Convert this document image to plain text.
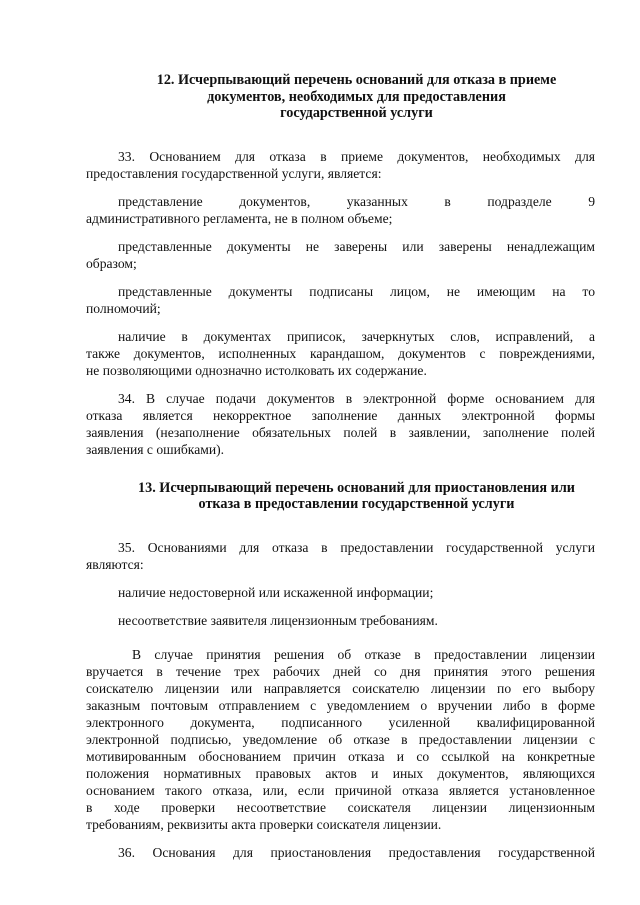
12. Исчерпывающий перечень оснований для отказа в приеме
документов, необходимых для предоставления
государственной услуги

33. Основанием для отказа в приеме документов, необходимых для
предоставления государственной услуги, является:

представление документов, указанных в подразделе 9
административного регламента, не в полном объеме;

представленные документы не заверены или заверены ненадлежащим
образом;

представленные документы подписаны лицом, не имеющим на то
полномочий;

наличие в документах приписок, зачеркнутых слов, исправлений, а
также документов, исполненных карандашом, документов с повреждениями,
не позволяющими однозначно истолковать их содержание.

34. В случае подачи документов в электронной форме основанием для
отказа является некорректное заполнение данных электронной формы
заявления (незаполнение обязательных полей в заявлении, заполнение полей
заявления с ошибками).

13. Исчерпывающий перечень оснований для приостановления или
отказа в предоставлении государственной услуги

35. Основаниями для отказа в предоставлении государственной услуги
являются:

наличие недостоверной или искаженной информации;

несоответствие заявителя лицензионным требованиям.

В случае принятия решения об отказе в предоставлении лицензии
вручается в течение трех рабочих дней со дня принятия этого решения
соискателю лицензии или направляется соискателю лицензии по его выбору
заказным почтовым отправлением с уведомлением о вручении либо в форме
электронного документа, подписанного усиленной квалифицированной
электронной подписью, уведомление об отказе в предоставлении лицензии с
мотивированным обоснованием причин отказа и со ссылкой на конкретные
положения нормативных правовых актов и иных документов, являющихся
основанием такого отказа, или, если причиной отказа является установленное
в ходе проверки несоответствие соискателя лицензии лицензионным
требованиям, реквизиты акта проверки соискателя лицензии.

36. Основания для приостановления предоставления государственной
